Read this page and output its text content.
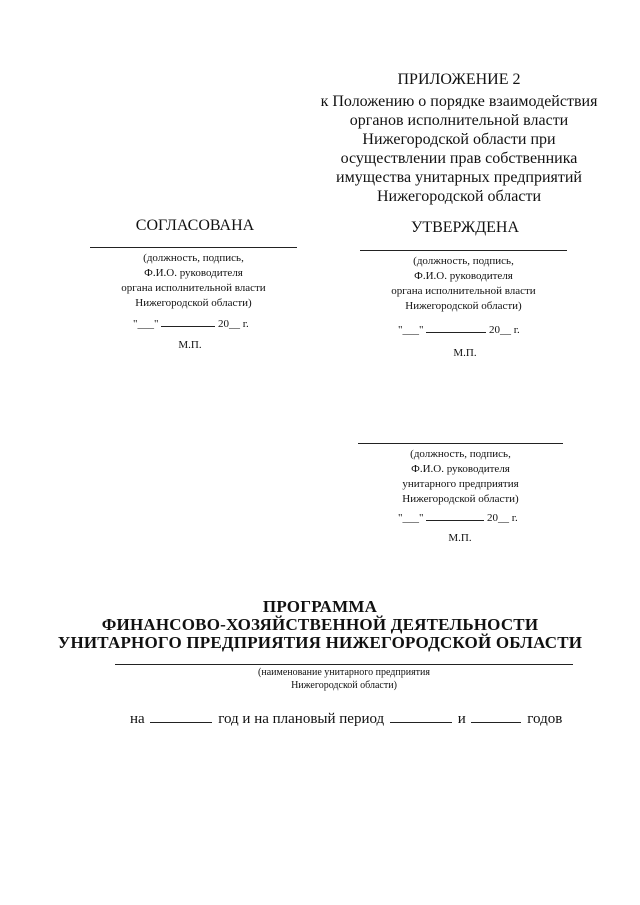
ПРИЛОЖЕНИЕ 2
к Положению о порядке взаимодействия
органов исполнительной власти
Нижегородской области при
осуществлении прав собственника
имущества унитарных предприятий
Нижегородской области
СОГЛАСОВАНА
(должность, подпись,
Ф.И.О. руководителя
органа исполнительной власти
Нижегородской области)
"___"	20__ г.
М.П.
УТВЕРЖДЕНА
(должность, подпись,
Ф.И.О. руководителя
органа исполнительной власти
Нижегородской области)
"___"	20__ г.
М.П.
(должность, подпись,
Ф.И.О. руководителя
унитарного предприятия
Нижегородской области)
"___"	20__ г.
М.П.
ПРОГРАММА
ФИНАНСОВО-ХОЗЯЙСТВЕННОЙ ДЕЯТЕЛЬНОСТИ
УНИТАРНОГО ПРЕДПРИЯТИЯ НИЖЕГОРОДСКОЙ ОБЛАСТИ
(наименование унитарного предприятия
Нижегородской области)
на	год и на плановый период	и	годов
